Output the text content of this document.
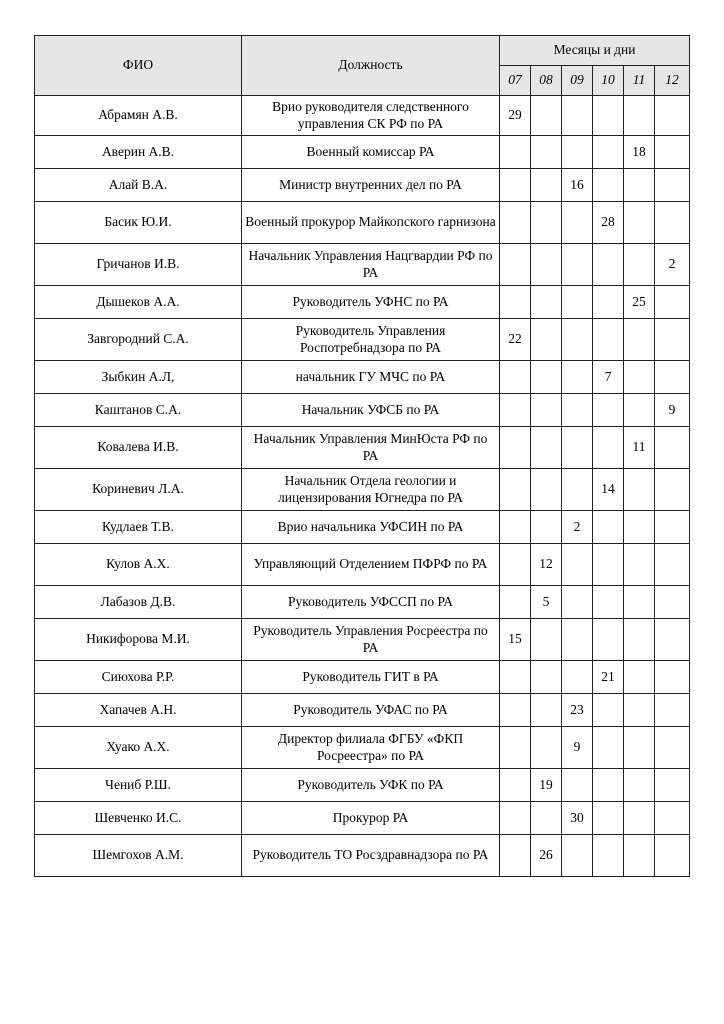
ФИО	Должность	Месяцы и дни					
		07	08	09	10	11	12
Абрамян А.В.	Врио руководителя следственного управления СК РФ по РА	29					
Аверин А.В.	Военный комиссар РА					18	
Алай В.А.	Министр внутренних дел по РА			16			
Басик Ю.И.	Военный прокурор Майкопского гарнизона				28		
Гричанов И.В.	Начальник Управления Нацгвардии РФ по РА						2
Дышеков А.А.	Руководитель УФНС по РА					25	
Завгородний С.А.	Руководитель Управления Роспотребнадзора по РА	22					
Зыбкин А.Л,	начальник ГУ МЧС по РА				7		
Каштанов С.А.	Начальник УФСБ по РА						9
Ковалева И.В.	Начальник Управления МинЮста РФ по РА					11	
Кориневич Л.А.	Начальник Отдела геологии и лицензирования Югнедра по РА				14		
Кудлаев Т.В.	Врио начальника УФСИН по РА			2			
Кулов А.Х.	Управляющий Отделением ПФРФ по РА		12				
Лабазов Д.В.	Руководитель УФССП по РА		5				
Никифорова М.И.	Руководитель Управления Росреестра по РА	15					
Сиюхова Р.Р.	Руководитель ГИТ в РА				21		
Хапачев А.Н.	Руководитель УФАС по РА			23			
Хуако А.Х.	Директор филиала ФГБУ «ФКП Росреестра» по РА			9			
Чениб Р.Ш.	Руководитель УФК по РА		19				
Шевченко И.С.	Прокурор РА			30			
Шемгохов А.М.	Руководитель ТО Росздравнадзора по РА		26				
